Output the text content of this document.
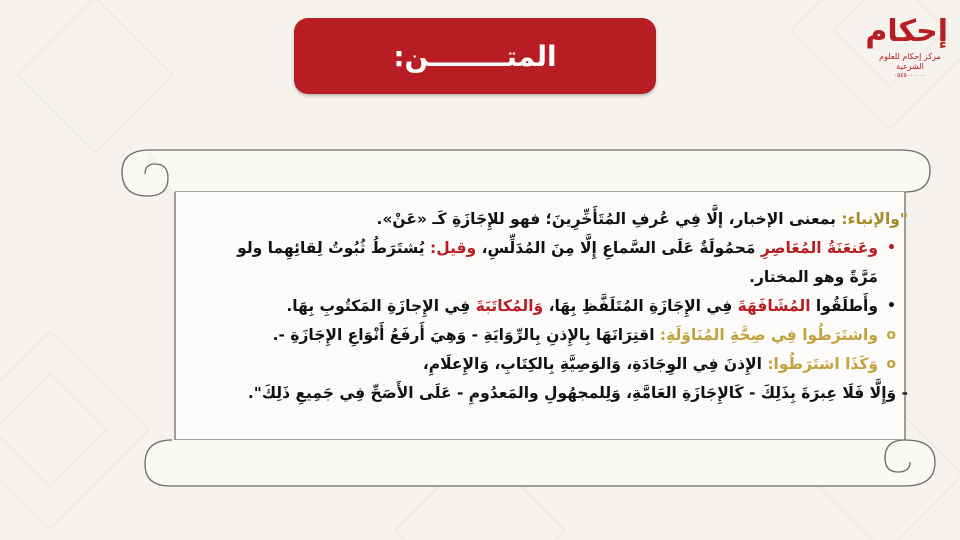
المتــــــــن:
إحكام
مركز إحكام للعلوم الشرعية
٠٥٤٥٠٠٠٠٠٠
"والإنباء: بمعنى الإخبار، إلَّا فِي عُرفِ المُتَأَخِّرِينَ؛ فهو للإِجَازَةِ كَـ «عَنْ».
•
وعَنعَنَةُ المُعَاصِرِ مَحمُولَةٌ عَلَى السَّماعِ إِلَّا مِنَ المُدَلِّسِ، وقيل: يُشتَرَطُ ثُبُوتُ لِقائِهِما ولو
مَرَّةً وهو المختار.
•
وأَطلَقُوا المُشَافَهَةَ فِي الإِجَازَةِ المُتَلَفَّظِ بِهَا، وَالمُكاتَبَةَ فِي الإِجازَةِ المَكتُوبِ بِهَا.
o
واشتَرَطُوا فِي صِحَّةِ المُنَاوَلَةِ: اقتِرَانَهَا بِالإِذنِ بِالرِّوَايَةِ - وَهِيَ أَرفَعُ أَنْوَاعِ الإِجَازَةِ -.
o
وَكَذَا اشتَرَطُوا: الإِذنَ فِي الوِجَادَةِ، وَالوَصِيَّةِ بِالكِتَابِ، وَالإِعلَامِ،
- وَإِلَّا فَلَا عِبرَةَ بِذَلِكَ - كَالإِجَازَةِ العَامَّةِ، وَلِلمجهُولِ والمَعدُومِ - عَلَى الأَصَحِّ فِي جَمِيعِ ذَلِكَ".
